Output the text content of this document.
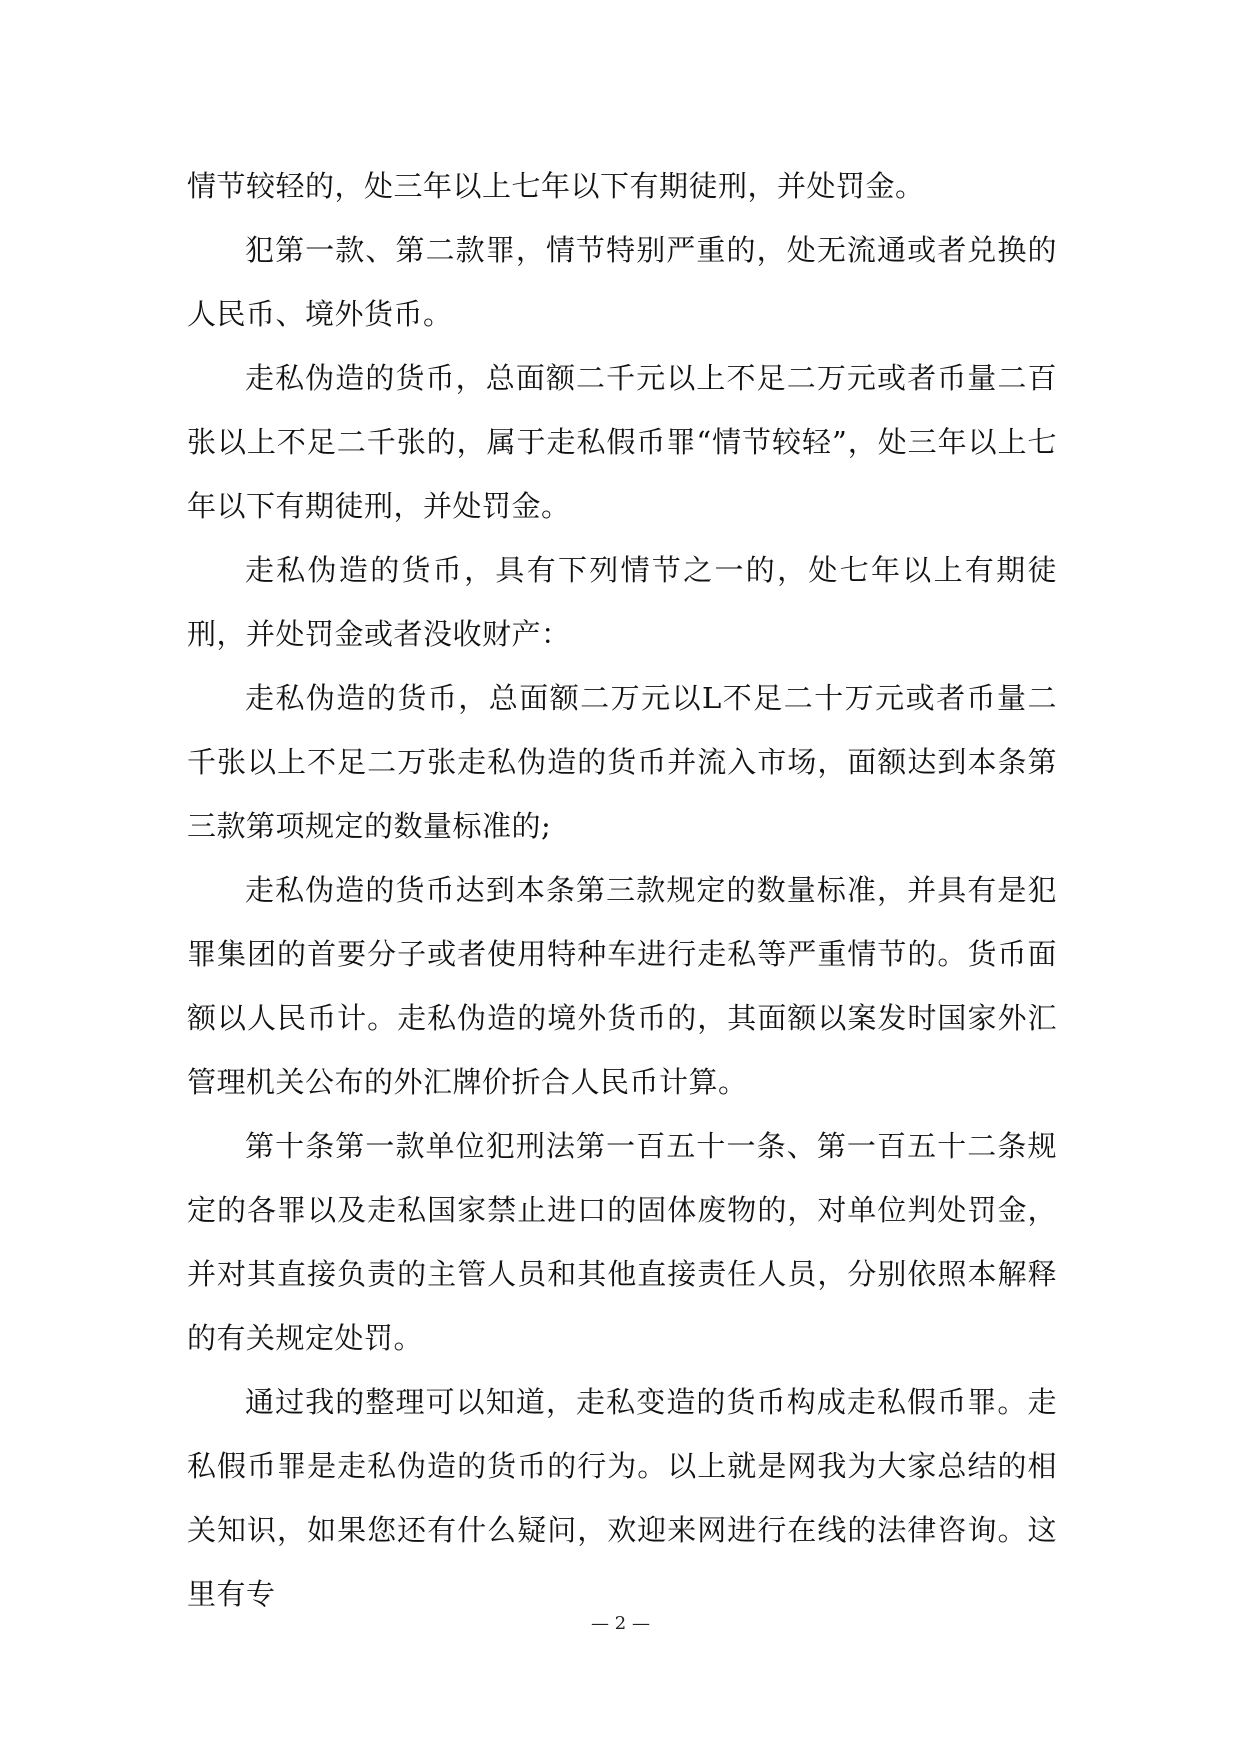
情节较轻的，处三年以上七年以下有期徒刑，并处罚金。

犯第一款、第二款罪，情节特别严重的，处无流通或者兑换的人民币、境外货币。

走私伪造的货币，总面额二千元以上不足二万元或者币量二百张以上不足二千张的，属于走私假币罪“情节较轻”，处三年以上七年以下有期徒刑，并处罚金。

走私伪造的货币，具有下列情节之一的，处七年以上有期徒刑，并处罚金或者没收财产：

走私伪造的货币，总面额二万元以L不足二十万元或者币量二千张以上不足二万张走私伪造的货币并流入市场，面额达到本条第三款第项规定的数量标准的;

走私伪造的货币达到本条第三款规定的数量标准，并具有是犯罪集团的首要分子或者使用特种车进行走私等严重情节的。货币面额以人民币计。走私伪造的境外货币的，其面额以案发时国家外汇管理机关公布的外汇牌价折合人民币计算。

第十条第一款单位犯刑法第一百五十一条、第一百五十二条规定的各罪以及走私国家禁止进口的固体废物的，对单位判处罚金，并对其直接负责的主管人员和其他直接责任人员，分别依照本解释的有关规定处罚。

通过我的整理可以知道，走私变造的货币构成走私假币罪。走私假币罪是走私伪造的货币的行为。以上就是网我为大家总结的相关知识，如果您还有什么疑问，欢迎来网进行在线的法律咨询。这里有专

— 2 —
